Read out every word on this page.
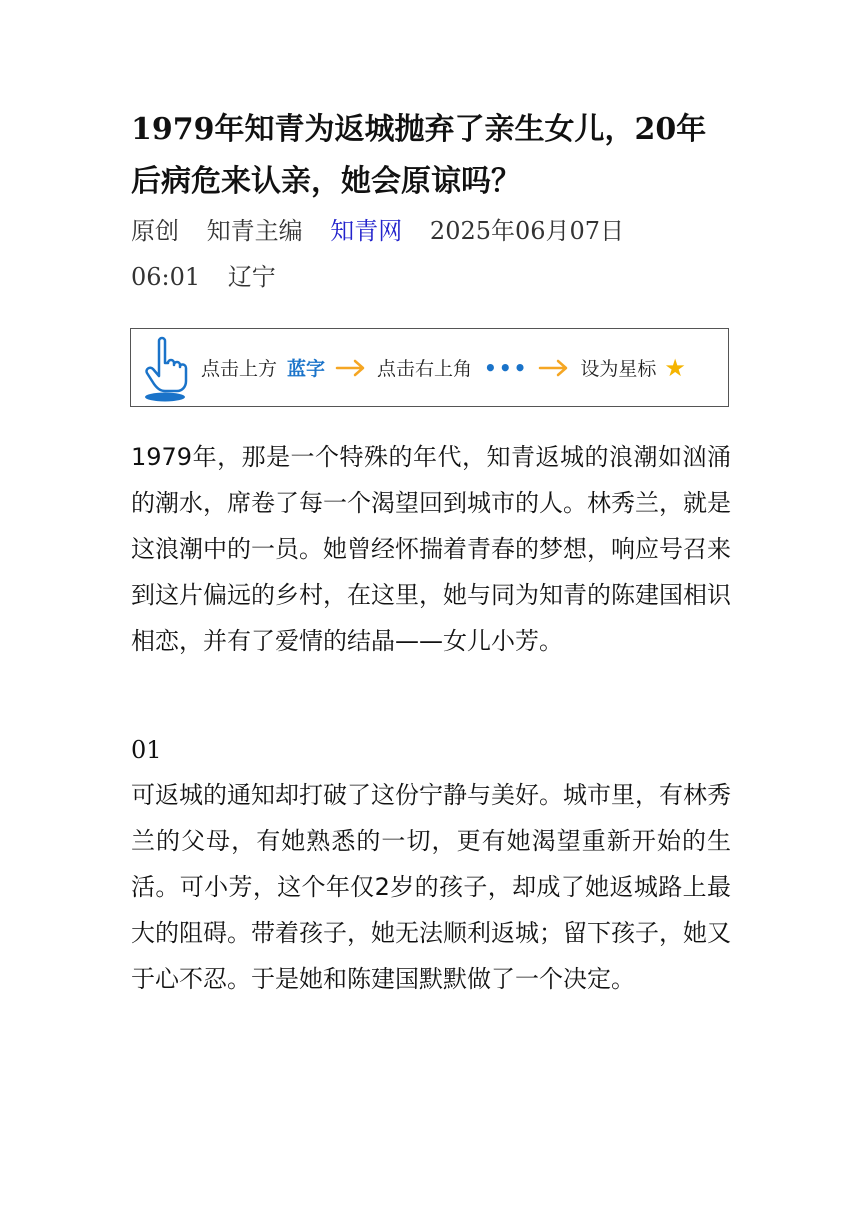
1979年知青为返城抛弃了亲生女儿，20年后病危来认亲，她会原谅吗？
原创 知青主编 知青网 2025年06月07日
06:01 辽宁
点击上方 蓝字	点击右上角 •••	设为星标 ★

1979年，那是一个特殊的年代，知青返城的浪潮如汹涌的潮水，席卷了每一个渴望回到城市的人。林秀兰，就是这浪潮中的一员。她曾经怀揣着青春的梦想，响应号召来到这片偏远的乡村，在这里，她与同为知青的陈建国相识相恋，并有了爱情的结晶——女儿小芳。

01

可返城的通知却打破了这份宁静与美好。城市里，有林秀兰的父母，有她熟悉的一切，更有她渴望重新开始的生活。可小芳，这个年仅2岁的孩子，却成了她返城路上最大的阻碍。带着孩子，她无法顺利返城；留下孩子，她又于心不忍。于是她和陈建国默默做了一个决定。
